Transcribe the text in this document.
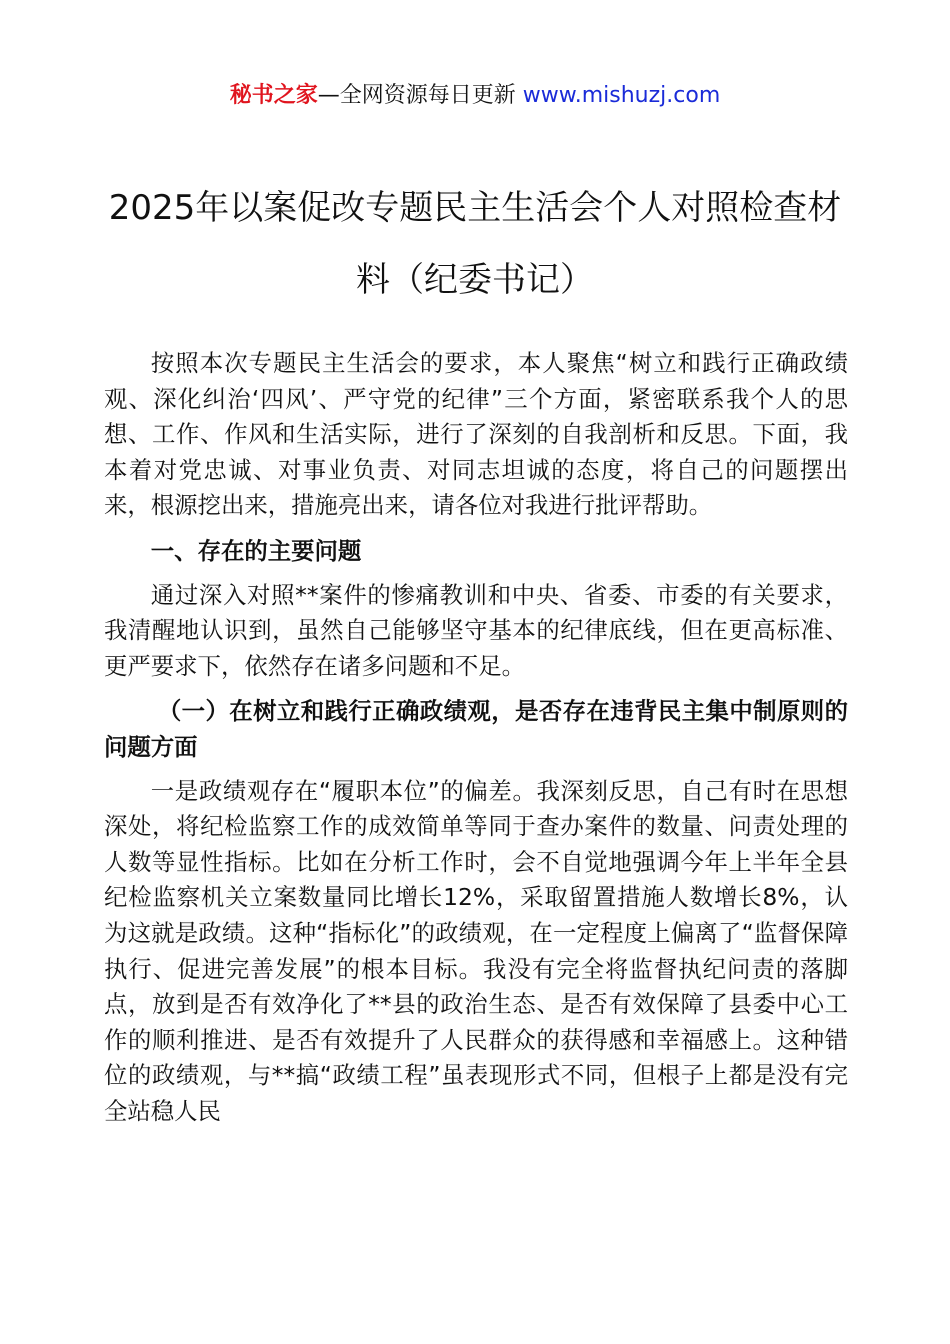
秘书之家—全网资源每日更新 www.mishuzj.com
2025年以案促改专题民主生活会个人对照检查材料（纪委书记）

按照本次专题民主生活会的要求，本人聚焦“树立和践行正确政绩观、深化纠治‘四风’、严守党的纪律”三个方面，紧密联系我个人的思想、工作、作风和生活实际，进行了深刻的自我剖析和反思。下面，我本着对党忠诚、对事业负责、对同志坦诚的态度，将自己的问题摆出来，根源挖出来，措施亮出来，请各位对我进行批评帮助。

一、存在的主要问题

通过深入对照**案件的惨痛教训和中央、省委、市委的有关要求，我清醒地认识到，虽然自己能够坚守基本的纪律底线，但在更高标准、更严要求下，依然存在诸多问题和不足。

（一）在树立和践行正确政绩观，是否存在违背民主集中制原则的问题方面

一是政绩观存在“履职本位”的偏差。我深刻反思，自己有时在思想深处，将纪检监察工作的成效简单等同于查办案件的数量、问责处理的人数等显性指标。比如在分析工作时，会不自觉地强调今年上半年全县纪检监察机关立案数量同比增长12%，采取留置措施人数增长8%，认为这就是政绩。这种“指标化”的政绩观，在一定程度上偏离了“监督保障执行、促进完善发展”的根本目标。我没有完全将监督执纪问责的落脚点，放到是否有效净化了**县的政治生态、是否有效保障了县委中心工作的顺利推进、是否有效提升了人民群众的获得感和幸福感上。这种错位的政绩观，与**搞“政绩工程”虽表现形式不同，但根子上都是没有完全站稳人民
